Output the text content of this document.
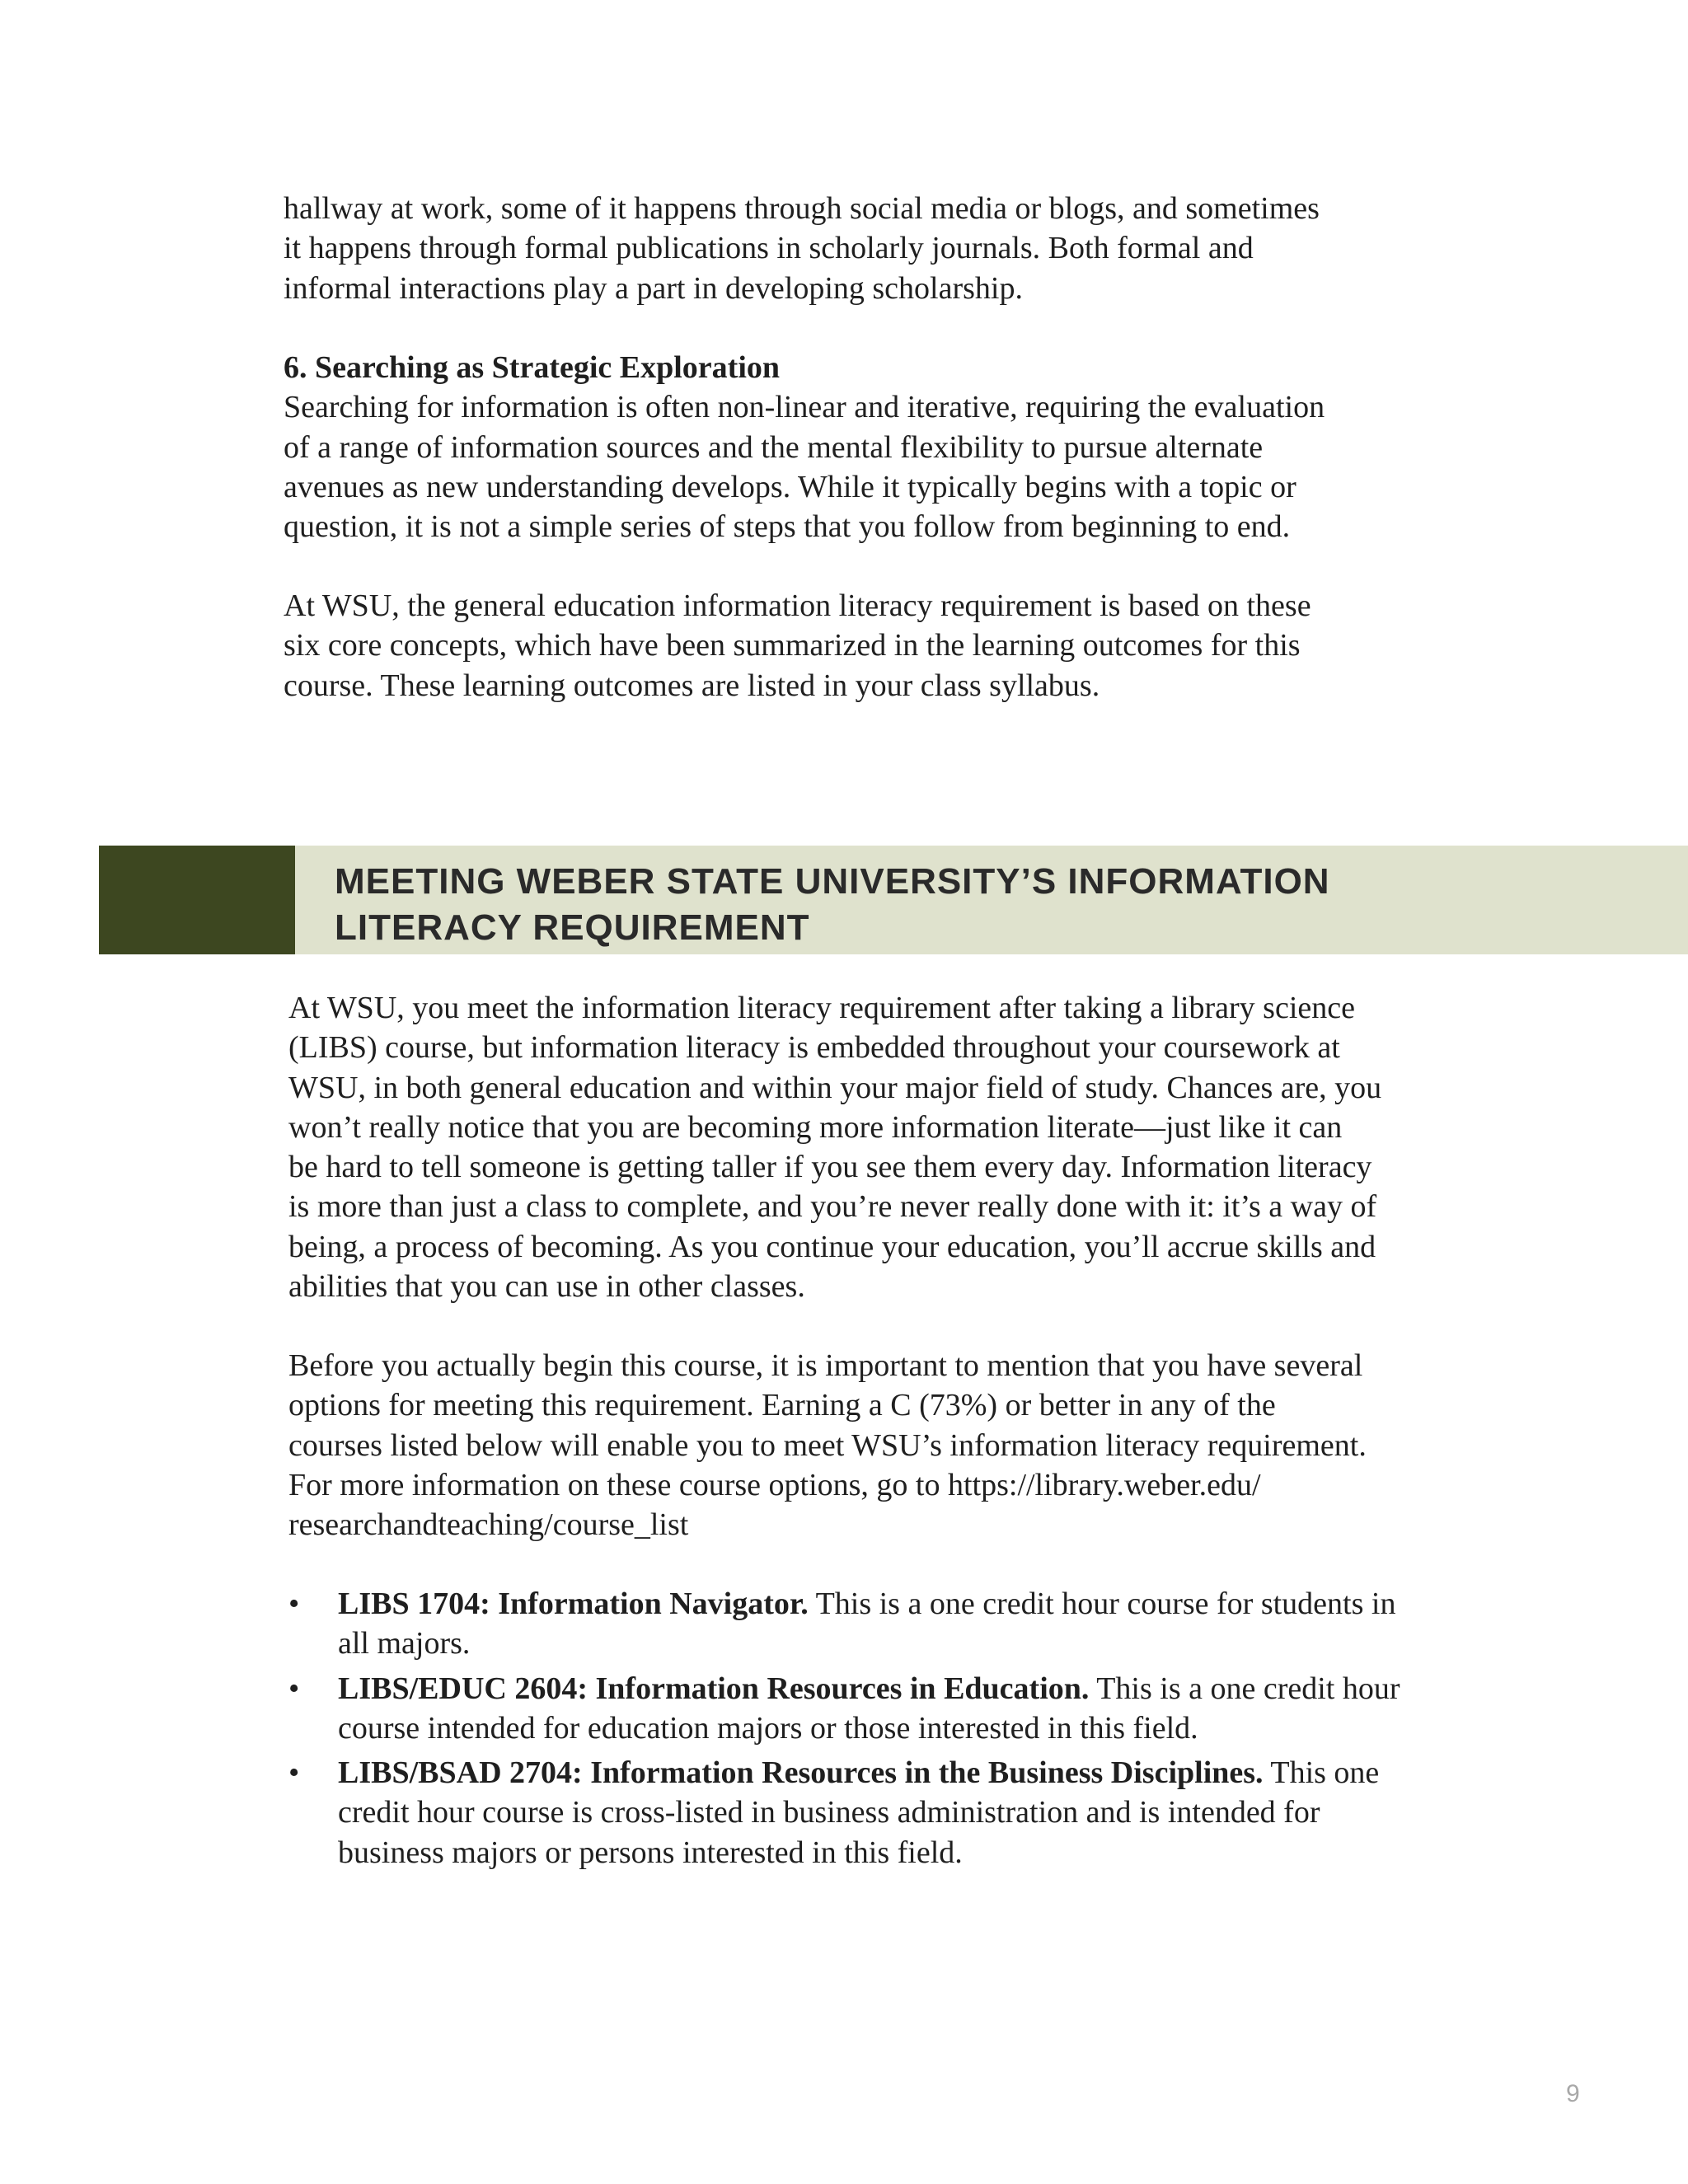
hallway at work, some of it happens through social media or blogs, and sometimes

it happens through formal publications in scholarly journals. Both formal and

informal interactions play a part in developing scholarship.

6. Searching as Strategic Exploration

Searching for information is often non-linear and iterative, requiring the evaluation

of a range of information sources and the mental flexibility to pursue alternate

avenues as new understanding develops. While it typically begins with a topic or

question, it is not a simple series of steps that you follow from beginning to end.

At WSU, the general education information literacy requirement is based on these

six core concepts, which have been summarized in the learning outcomes for this

course. These learning outcomes are listed in your class syllabus.

MEETING WEBER STATE UNIVERSITY’S INFORMATION
LITERACY REQUIREMENT

At WSU, you meet the information literacy requirement after taking a library science

(LIBS) course, but information literacy is embedded throughout your coursework at

WSU, in both general education and within your major field of study. Chances are, you

won’t really notice that you are becoming more information literate—just like it can

be hard to tell someone is getting taller if you see them every day. Information literacy

is more than just a class to complete, and you’re never really done with it: it’s a way of

being, a process of becoming. As you continue your education, you’ll accrue skills and

abilities that you can use in other classes.

Before you actually begin this course, it is important to mention that you have several

options for meeting this requirement. Earning a C (73%) or better in any of the

courses listed below will enable you to meet WSU’s information literacy requirement.

For more information on these course options, go to https://library.weber.edu/

researchandteaching/course_list

• LIBS 1704: Information Navigator. This is a one credit hour course for students in
all majors.
• LIBS/EDUC 2604: Information Resources in Education. This is a one credit hour
course intended for education majors or those interested in this field.
• LIBS/BSAD 2704: Information Resources in the Business Disciplines. This one
credit hour course is cross-listed in business administration and is intended for
business majors or persons interested in this field.
9
